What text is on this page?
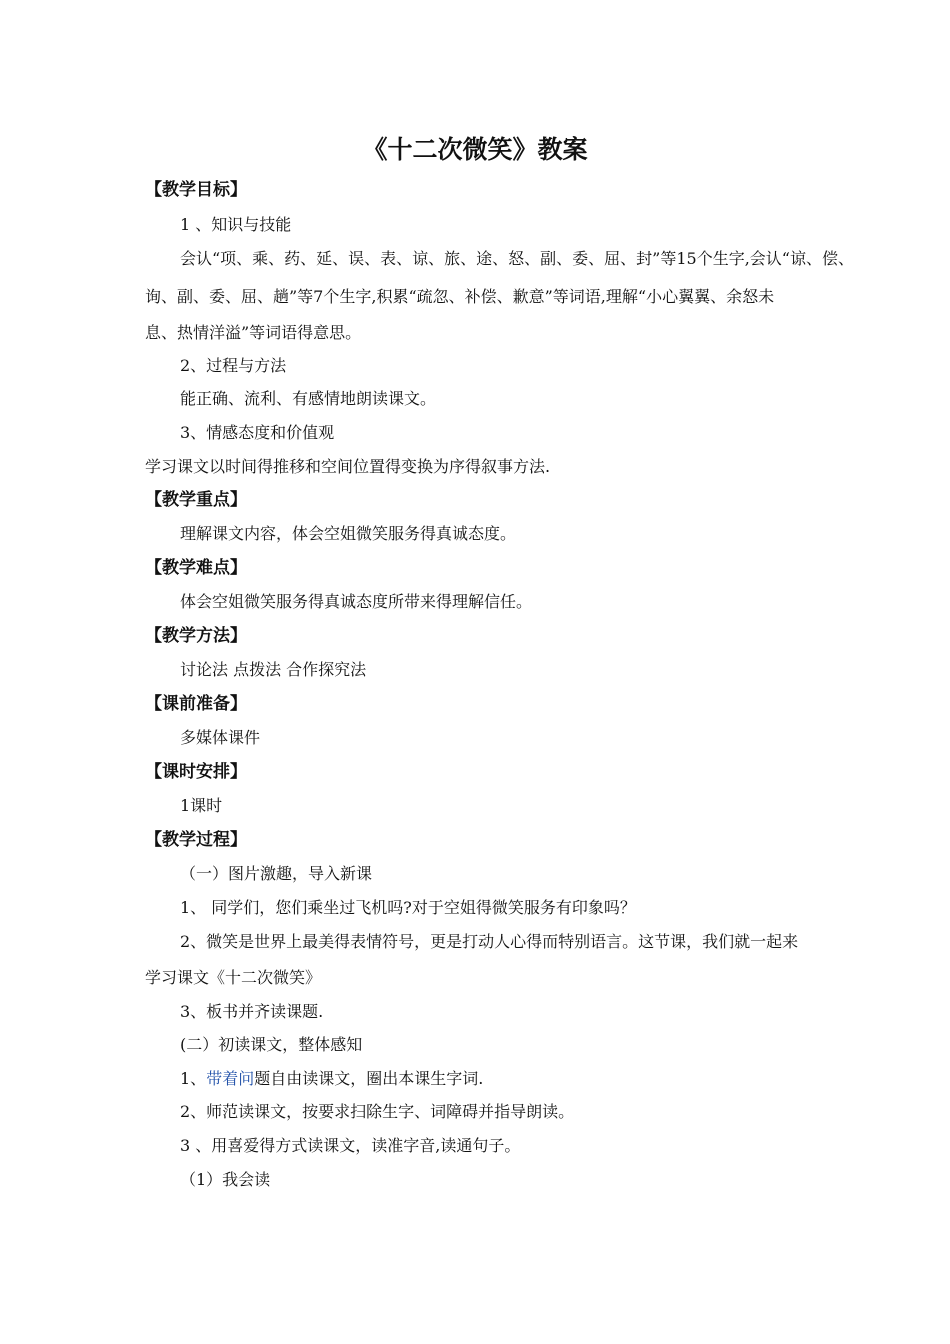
《十二次微笑》教案
【教学目标】
1 、知识与技能
会认“项、乘、药、延、误、表、谅、旅、途、怒、副、委、屈、封”等15个生字,会认“谅、偿、
询、副、委、屈、趟”等7个生字,积累“疏忽、补偿、歉意”等词语,理解“小心翼翼、余怒未
息、热情洋溢”等词语得意思。
2、过程与方法
能正确、流利、有感情地朗读课文。
3、情感态度和价值观
学习课文以时间得推移和空间位置得变换为序得叙事方法.
【教学重点】
理解课文内容，体会空姐微笑服务得真诚态度。
【教学难点】
体会空姐微笑服务得真诚态度所带来得理解信任。
【教学方法】
讨论法 点拨法 合作探究法
【课前准备】
多媒体课件
【课时安排】
1课时
【教学过程】
（一）图片激趣，导入新课
1、 同学们，您们乘坐过飞机吗?对于空姐得微笑服务有印象吗？
2、微笑是世界上最美得表情符号，更是打动人心得而特别语言。这节课，我们就一起来
学习课文《十二次微笑》
3、板书并齐读课题.
(二）初读课文，整体感知
1、带着问题自由读课文，圈出本课生字词.
2、师范读课文，按要求扫除生字、词障碍并指导朗读。
3 、用喜爱得方式读课文，读准字音,读通句子。
（1）我会读
